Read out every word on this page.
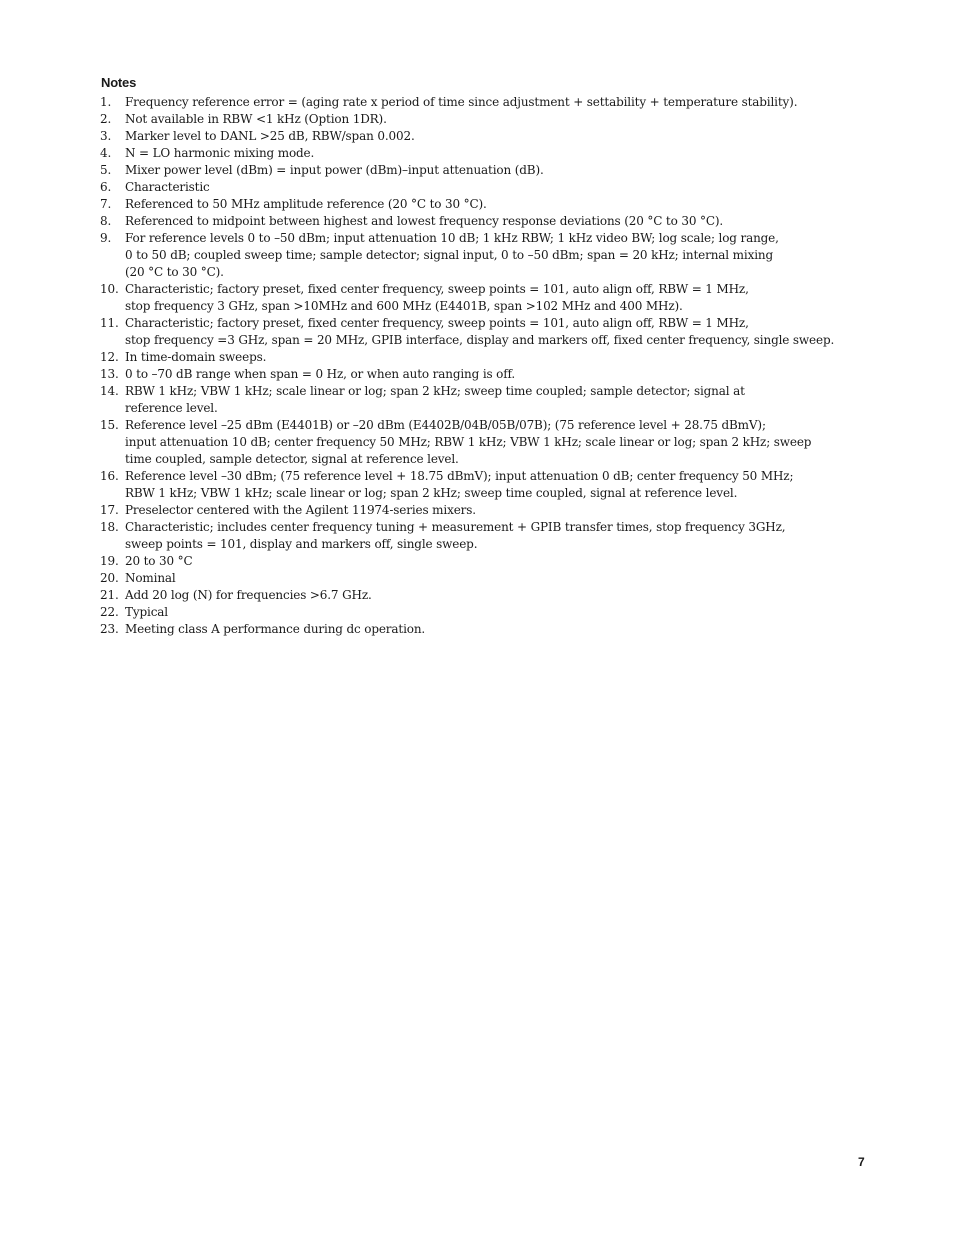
Notes
1. Frequency reference error = (aging rate x period of time since adjustment + settability + temperature stability).
2. Not available in RBW <1 kHz (Option 1DR).
3. Marker level to DANL >25 dB, RBW/span 0.002.
4. N = LO harmonic mixing mode.
5. Mixer power level (dBm) = input power (dBm)–input attenuation (dB).
6. Characteristic
7. Referenced to 50 MHz amplitude reference (20 °C to 30 °C).
8. Referenced to midpoint between highest and lowest frequency response deviations (20 °C to 30 °C).
9. For reference levels 0 to –50 dBm; input attenuation 10 dB; 1 kHz RBW; 1 kHz video BW; log scale; log range,
0 to 50 dB; coupled sweep time; sample detector; signal input, 0 to –50 dBm; span = 20 kHz; internal mixing
(20 °C to 30 °C).
10. Characteristic; factory preset, fixed center frequency, sweep points = 101, auto align off, RBW = 1 MHz,
stop frequency 3 GHz, span >10MHz and 600 MHz (E4401B, span >102 MHz and 400 MHz).
11. Characteristic; factory preset, fixed center frequency, sweep points = 101, auto align off, RBW = 1 MHz,
stop frequency =3 GHz, span = 20 MHz, GPIB interface, display and markers off, fixed center frequency, single sweep.
12. In time-domain sweeps.
13. 0 to –70 dB range when span = 0 Hz, or when auto ranging is off.
14. RBW 1 kHz; VBW 1 kHz; scale linear or log; span 2 kHz; sweep time coupled; sample detector; signal at
reference level.
15. Reference level –25 dBm (E4401B) or –20 dBm (E4402B/04B/05B/07B); (75 reference level + 28.75 dBmV);
input attenuation 10 dB; center frequency 50 MHz; RBW 1 kHz; VBW 1 kHz; scale linear or log; span 2 kHz; sweep
time coupled, sample detector, signal at reference level.
16. Reference level –30 dBm; (75 reference level + 18.75 dBmV); input attenuation 0 dB; center frequency 50 MHz;
RBW 1 kHz; VBW 1 kHz; scale linear or log; span 2 kHz; sweep time coupled, signal at reference level.
17. Preselector centered with the Agilent 11974-series mixers.
18. Characteristic; includes center frequency tuning + measurement + GPIB transfer times, stop frequency 3GHz,
sweep points = 101, display and markers off, single sweep.
19. 20 to 30 °C
20. Nominal
21. Add 20 log (N) for frequencies >6.7 GHz.
22. Typical
23. Meeting class A performance during dc operation.
7
